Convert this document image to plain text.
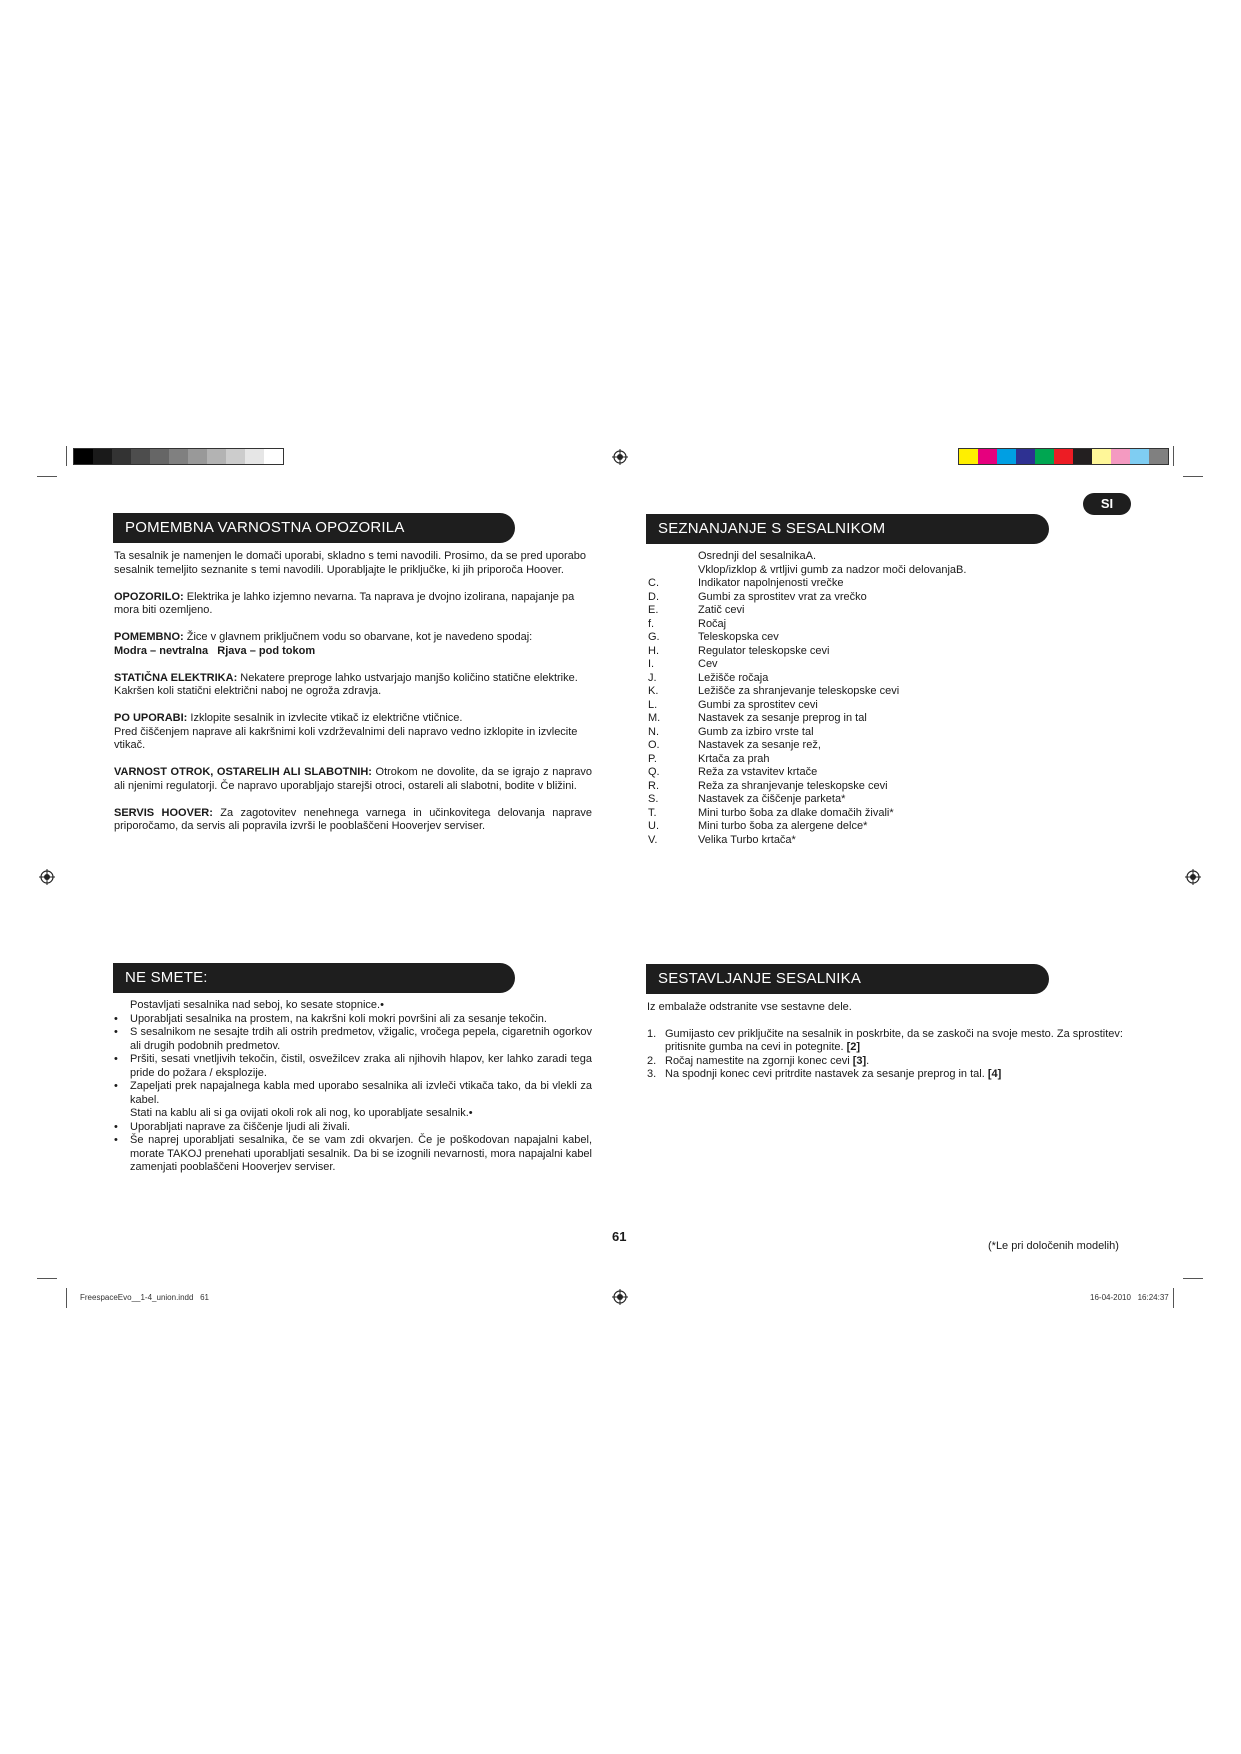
SI
POMEMBNA VARNOSTNA OPOZORILA

Ta sesalnik je namenjen le domači uporabi, skladno s temi navodili. Prosimo, da se pred uporabo sesalnik temeljito seznanite s temi navodili. Uporabljajte le priključke, ki jih priporoča Hoover.

OPOZORILO: Elektrika je lahko izjemno nevarna. Ta naprava je dvojno izolirana, napajanje pa mora biti ozemljeno.

POMEMBNO: Žice v glavnem priključnem vodu so obarvane, kot je navedeno spodaj:
Modra – nevtralna   Rjava – pod tokom

STATIČNA ELEKTRIKA: Nekatere preproge lahko ustvarjajo manjšo količino statične elektrike. Kakršen koli statični električni naboj ne ogroža zdravja.

PO UPORABI: Izklopite sesalnik in izvlecite vtikač iz električne vtičnice.
Pred čiščenjem naprave ali kakršnimi koli vzdrževalnimi deli napravo vedno izklopite in izvlecite vtikač.

VARNOST OTROK, OSTARELIH ALI SLABOTNIH: Otrokom ne dovolite, da se igrajo z napravo ali njenimi regulatorji. Če napravo uporabljajo starejši otroci, ostareli ali slabotni, bodite v bližini.

SERVIS HOOVER: Za zagotovitev nenehnega varnega in učinkovitega delovanja naprave priporočamo, da servis ali popravila izvrši le pooblaščeni Hooverjev serviser.

SEZNANJANJE S SESALNIKOM
Osrednji del sesalnikaA.
Vklop/izklop & vrtljivi gumb za nadzor moči delovanjaB.
C.	Indikator napolnjenosti vrečke
D.	Gumbi za sprostitev vrat za vrečko
E.	Zatič cevi
f.	Ročaj
G.	Teleskopska cev
H.	Regulator teleskopske cevi
I.	Cev
J.	Ležišče ročaja
K.	Ležišče za shranjevanje teleskopske cevi
L.	Gumbi za sprostitev cevi
M.	Nastavek za sesanje preprog in tal
N.	Gumb za izbiro vrste tal
O.	Nastavek za sesanje rež,
P.	Krtača za prah
Q.	Reža za vstavitev krtače
R.	Reža za shranjevanje teleskopske cevi
S.	Nastavek za čiščenje parketa*
T.	Mini turbo šoba za dlake domačih živali*
U.	Mini turbo šoba za alergene delce*
V.	Velika Turbo krtača*
NE SMETE:
Postavljati sesalnika nad seboj, ko sesate stopnice.•
• Uporabljati sesalnika na prostem, na kakršni koli mokri površini ali za sesanje tekočin.
• S sesalnikom ne sesajte trdih ali ostrih predmetov, vžigalic, vročega pepela, cigaretnih ogorkov ali drugih podobnih predmetov.
• Pršiti, sesati vnetljivih tekočin, čistil, osvežilcev zraka ali njihovih hlapov, ker lahko zaradi tega pride do požara / eksplozije.
• Zapeljati prek napajalnega kabla med uporabo sesalnika ali izvleči vtikača tako, da bi vlekli za kabel.
Stati na kablu ali si ga ovijati okoli rok ali nog, ko uporabljate sesalnik.•
• Uporabljati naprave za čiščenje ljudi ali živali.
• Še naprej uporabljati sesalnika, če se vam zdi okvarjen. Če je poškodovan napajalni kabel, morate TAKOJ prenehati uporabljati sesalnik. Da bi se izognili nevarnosti, mora napajalni kabel zamenjati pooblaščeni Hooverjev serviser.
SESTAVLJANJE SESALNIKA

Iz embalaže odstranite vse sestavne dele.

1. Gumijasto cev priključite na sesalnik in poskrbite, da se zaskoči na svoje mesto. Za sprostitev: pritisnite gumba na cevi in potegnite. [2]
2. Ročaj namestite na zgornji konec cevi [3].
3. Na spodnji konec cevi pritrdite nastavek za sesanje preprog in tal. [4]
61
(*Le pri določenih modelih)
FreespaceEvo__1-4_union.indd   61	16-04-2010   16:24:37
